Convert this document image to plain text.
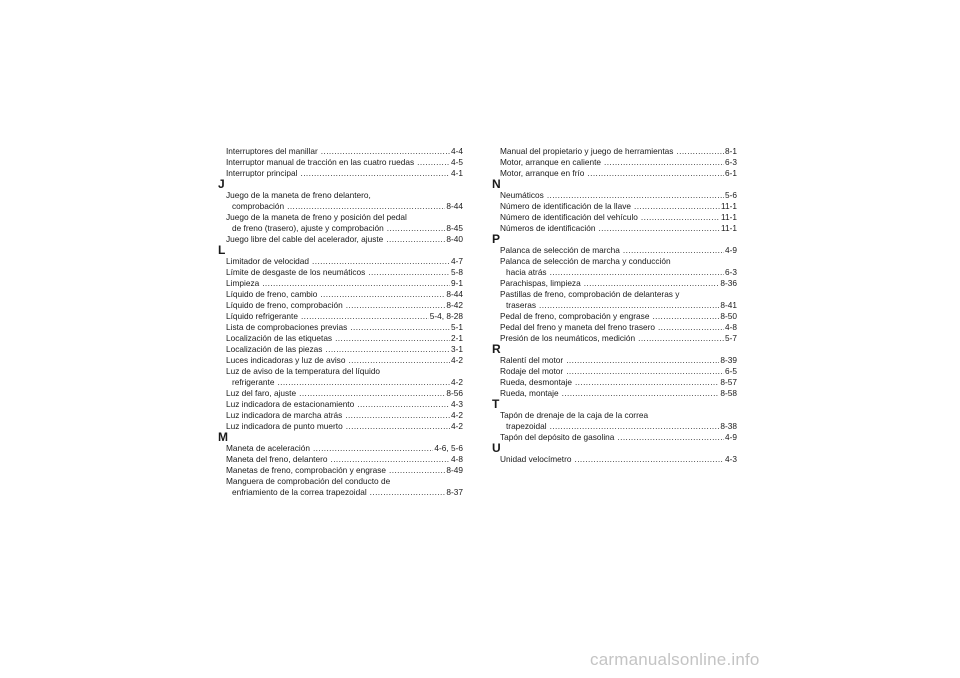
Interruptores del manillar .....	4-4
Interruptor manual de tracción en las cuatro ruedas .....	4-5
Interruptor principal .....	4-1
J
Juego de la maneta de freno delantero,
comprobación .....	8-44
Juego de la maneta de freno y posición del pedal
de freno (trasero), ajuste y comprobación .....	8-45
Juego libre del cable del acelerador, ajuste .....	8-40
L
Limitador de velocidad .....	4-7
Límite de desgaste de los neumáticos .....	5-8
Limpieza .....	9-1
Líquido de freno, cambio .....	8-44
Líquido de freno, comprobación .....	8-42
Líquido refrigerante .....	5-4, 8-28
Lista de comprobaciones previas .....	5-1
Localización de las etiquetas .....	2-1
Localización de las piezas .....	3-1
Luces indicadoras y luz de aviso .....	4-2
Luz de aviso de la temperatura del líquido
refrigerante .....	4-2
Luz del faro, ajuste .....	8-56
Luz indicadora de estacionamiento .....	4-3
Luz indicadora de marcha atrás .....	4-2
Luz indicadora de punto muerto .....	4-2
M
Maneta de aceleración .....	4-6, 5-6
Maneta del freno, delantero .....	4-8
Manetas de freno, comprobación y engrase .....	8-49
Manguera de comprobación del conducto de
enfriamiento de la correa trapezoidal .....	8-37
Manual del propietario y juego de herramientas .....	8-1
Motor, arranque en caliente .....	6-3
Motor, arranque en frío .....	6-1
N
Neumáticos .....	5-6
Número de identificación de la llave .....	11-1
Número de identificación del vehículo .....	11-1
Números de identificación .....	11-1
P
Palanca de selección de marcha .....	4-9
Palanca de selección de marcha y conducción
hacia atrás .....	6-3
Parachispas, limpieza .....	8-36
Pastillas de freno, comprobación de delanteras y
traseras .....	8-41
Pedal de freno, comprobación y engrase .....	8-50
Pedal del freno y maneta del freno trasero .....	4-8
Presión de los neumáticos, medición .....	5-7
R
Ralentí del motor .....	8-39
Rodaje del motor .....	6-5
Rueda, desmontaje .....	8-57
Rueda, montaje .....	8-58
T
Tapón de drenaje de la caja de la correa
trapezoidal .....	8-38
Tapón del depósito de gasolina .....	4-9
U
Unidad velocímetro .....	4-3
carmanualsonline.info
